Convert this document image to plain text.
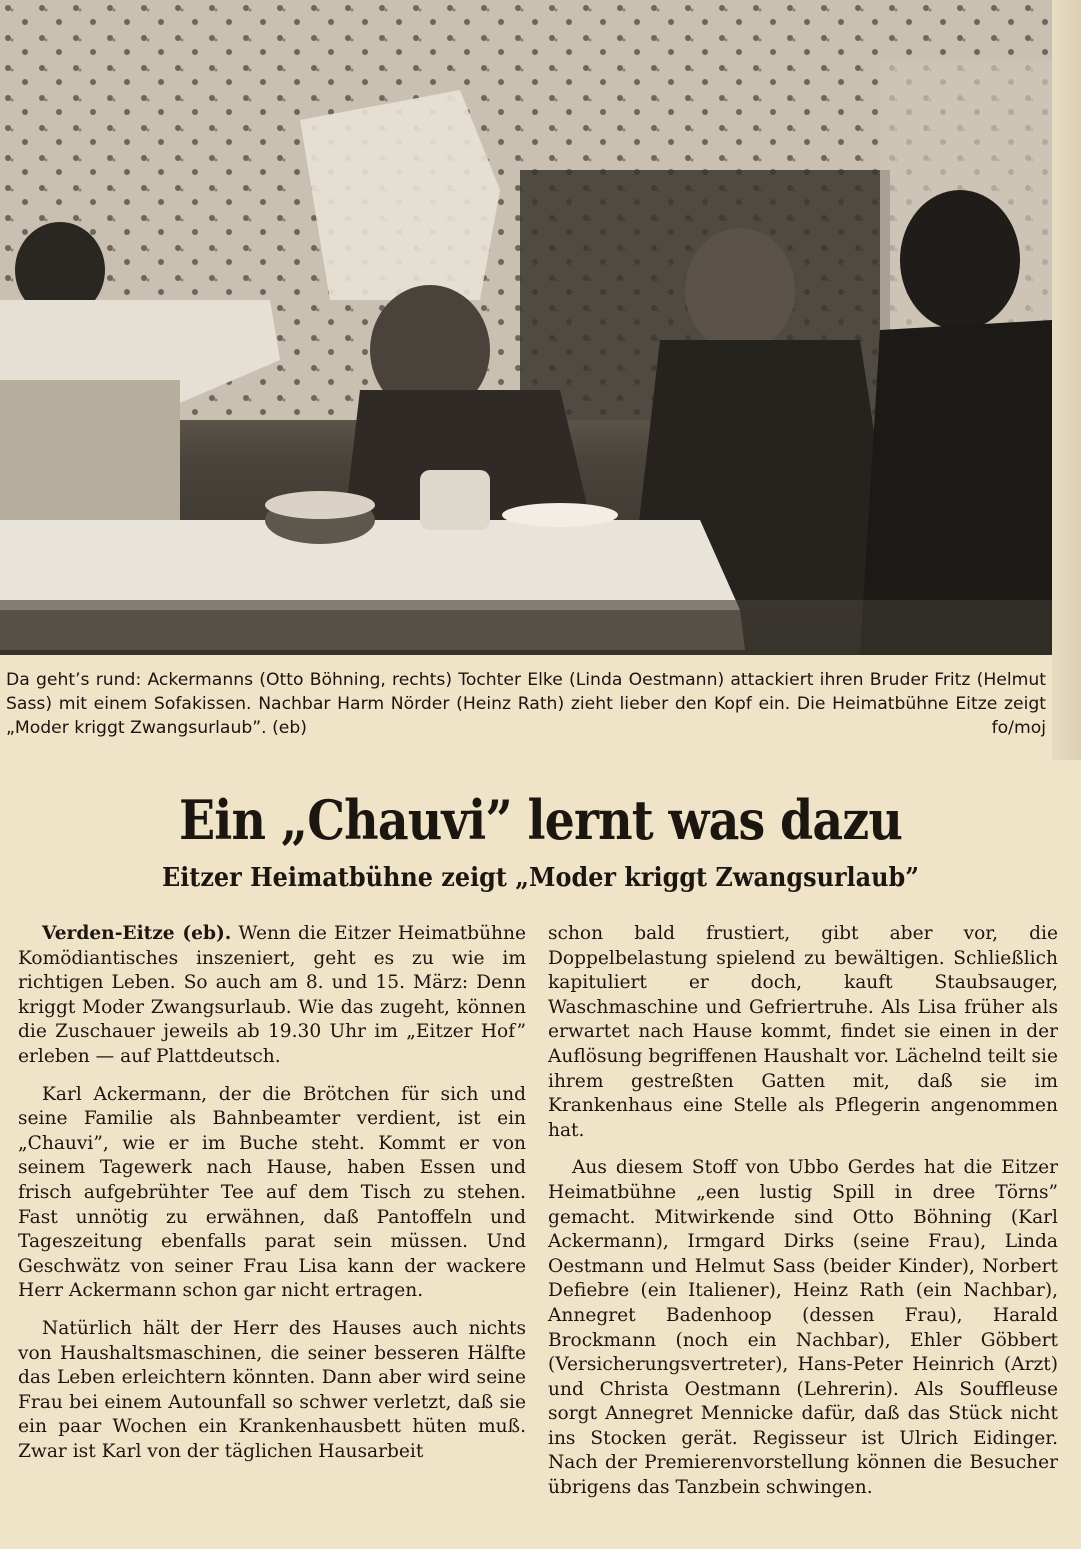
Da geht’s rund: Ackermanns (Otto Böhning, rechts) Tochter Elke (Linda Oestmann) attackiert ihren Bruder Fritz (Helmut Sass) mit einem Sofakissen. Nachbar Harm Nörder (Heinz Rath) zieht lieber den Kopf ein. Die Heimatbühne Eitze zeigt „Moder kriggt Zwangsurlaub”. (eb)	fo/moj
Ein „Chauvi” lernt was dazu
Eitzer Heimatbühne zeigt „Moder kriggt Zwangsurlaub”

Verden-Eitze (eb). Wenn die Eitzer Heimatbühne Komödiantisches inszeniert, geht es zu wie im richtigen Leben. So auch am 8. und 15. März: Denn kriggt Moder Zwangsurlaub. Wie das zugeht, können die Zuschauer jeweils ab 19.30 Uhr im „Eitzer Hof” erleben — auf Plattdeutsch.

Karl Ackermann, der die Brötchen für sich und seine Familie als Bahnbeamter verdient, ist ein „Chauvi”, wie er im Buche steht. Kommt er von seinem Tagewerk nach Hause, haben Essen und frisch aufgebrühter Tee auf dem Tisch zu stehen. Fast unnötig zu erwähnen, daß Pantoffeln und Tageszeitung ebenfalls parat sein müssen. Und Geschwätz von seiner Frau Lisa kann der wackere Herr Ackermann schon gar nicht ertragen.

Natürlich hält der Herr des Hauses auch nichts von Haushaltsmaschinen, die seiner besseren Hälfte das Leben erleichtern könnten. Dann aber wird seine Frau bei einem Autounfall so schwer verletzt, daß sie ein paar Wochen ein Krankenhausbett hüten muß. Zwar ist Karl von der täglichen Hausarbeit

schon bald frustiert, gibt aber vor, die Doppelbelastung spielend zu bewältigen. Schließlich kapituliert er doch, kauft Staubsauger, Waschmaschine und Gefriertruhe. Als Lisa früher als erwartet nach Hause kommt, findet sie einen in der Auflösung begriffenen Haushalt vor. Lächelnd teilt sie ihrem gestreßten Gatten mit, daß sie im Krankenhaus eine Stelle als Pflegerin angenommen hat.

Aus diesem Stoff von Ubbo Gerdes hat die Eitzer Heimatbühne „een lustig Spill in dree Törns” gemacht. Mitwirkende sind Otto Böhning (Karl Ackermann), Irmgard Dirks (seine Frau), Linda Oestmann und Helmut Sass (beider Kinder), Norbert Defiebre (ein Italiener), Heinz Rath (ein Nachbar), Annegret Badenhoop (dessen Frau), Harald Brockmann (noch ein Nachbar), Ehler Göbbert (Versicherungsvertreter), Hans-Peter Heinrich (Arzt) und Christa Oestmann (Lehrerin). Als Souffleuse sorgt Annegret Mennicke dafür, daß das Stück nicht ins Stocken gerät. Regisseur ist Ulrich Eidinger. Nach der Premierenvorstellung können die Besucher übrigens das Tanzbein schwingen.
